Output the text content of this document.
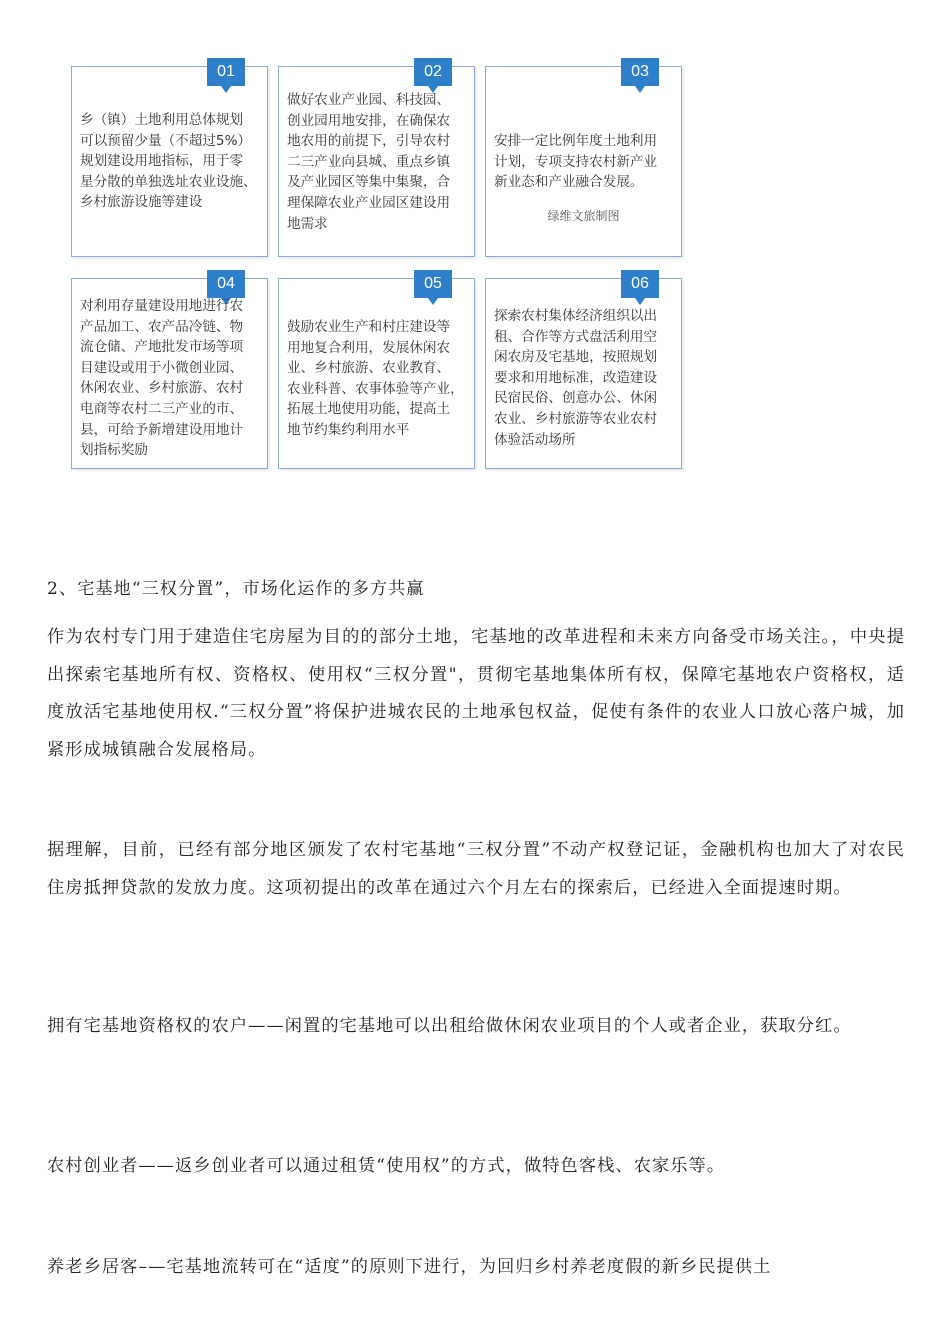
01
乡（镇）土地利用总体规划
可以预留少量（不超过5%）
规划建设用地指标，用于零
星分散的单独选址农业设施、
乡村旅游设施等建设
02
做好农业产业园、科技园、
创业园用地安排，在确保农
地农用的前提下，引导农村
二三产业向县城、重点乡镇
及产业园区等集中集聚，合
理保障农业产业园区建设用
地需求
03
安排一定比例年度土地利用
计划，专项支持农村新产业
新业态和产业融合发展。
绿维文旅制图
04
对利用存量建设用地进行农
产品加工、农产品冷链、物
流仓储、产地批发市场等项
目建设或用于小微创业园、
休闲农业、乡村旅游、农村
电商等农村二三产业的市、
县，可给予新增建设用地计
划指标奖励
05
鼓励农业生产和村庄建设等
用地复合利用，发展休闲农
业、乡村旅游、农业教育、
农业科普、农事体验等产业，
拓展土地使用功能，提高土
地节约集约利用水平
06
探索农村集体经济组织以出
租、合作等方式盘活利用空
闲农房及宅基地，按照规划
要求和用地标准，改造建设
民宿民俗、创意办公、休闲
农业、乡村旅游等农业农村
体验活动场所
2、宅基地“三权分置”，市场化运作的多方共赢
作为农村专门用于建造住宅房屋为目的的部分土地，宅基地的改革进程和未来方向备受市场关注。，中央提出探索宅基地所有权、资格权、使用权“三权分置"，贯彻宅基地集体所有权，保障宅基地农户资格权，适度放活宅基地使用权.“三权分置”将保护进城农民的土地承包权益，促使有条件的农业人口放心落户城，加紧形成城镇融合发展格局。
据理解，目前，已经有部分地区颁发了农村宅基地“三权分置”不动产权登记证，金融机构也加大了对农民住房抵押贷款的发放力度。这项初提出的改革在通过六个月左右的探索后，已经进入全面提速时期。
拥有宅基地资格权的农户——闲置的宅基地可以出租给做休闲农业项目的个人或者企业，获取分红。
农村创业者——返乡创业者可以通过租赁“使用权”的方式，做特色客栈、农家乐等。
养老乡居客–—宅基地流转可在“适度”的原则下进行，为回归乡村养老度假的新乡民提供土
